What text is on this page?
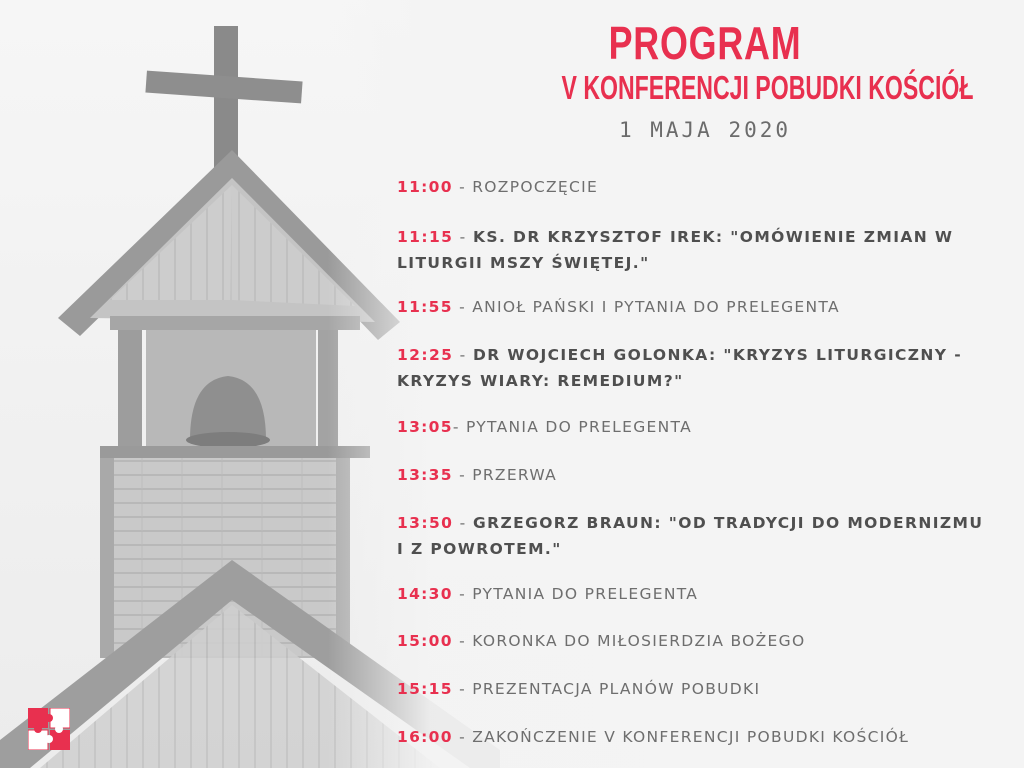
PROGRAM
V KONFERENCJI POBUDKI KOŚCIÓŁ
1 MAJA 2020
11:00 - ROZPOCZĘCIE
11:15 - KS. DR KRZYSZTOF IREK: "OMÓWIENIE ZMIAN W
LITURGII MSZY ŚWIĘTEJ."
11:55 - ANIOŁ PAŃSKI I PYTANIA DO PRELEGENTA
12:25 - DR WOJCIECH GOLONKA: "KRYZYS LITURGICZNY -
KRYZYS WIARY: REMEDIUM?"
13:05- PYTANIA DO PRELEGENTA
13:35 - PRZERWA
13:50 - GRZEGORZ BRAUN: "OD TRADYCJI DO MODERNIZMU
I Z POWROTEM."
14:30 - PYTANIA DO PRELEGENTA
15:00 - KORONKA DO MIŁOSIERDZIA BOŻEGO
15:15 - PREZENTACJA PLANÓW POBUDKI
16:00 - ZAKOŃCZENIE V KONFERENCJI POBUDKI KOŚCIÓŁ
